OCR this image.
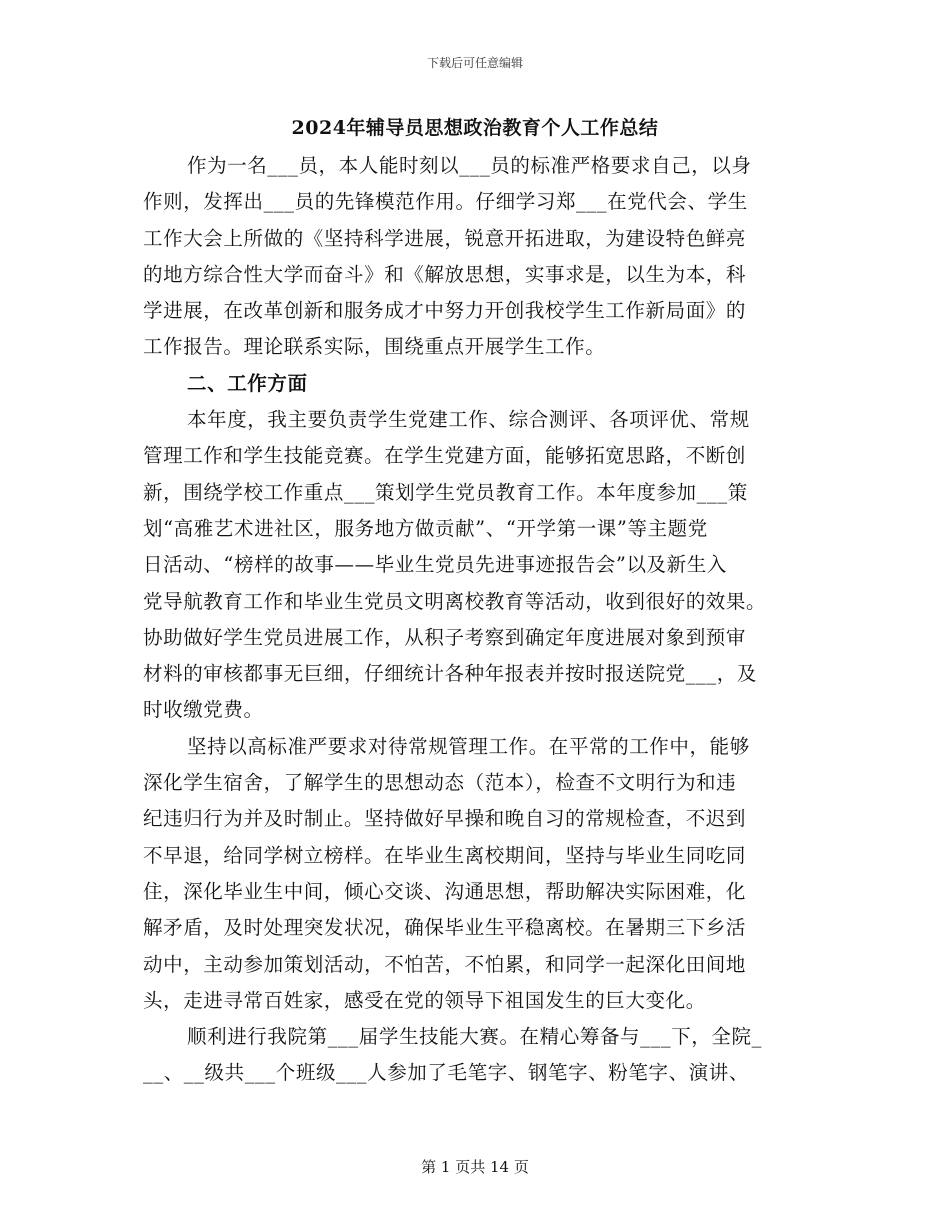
下载后可任意编辑
2024年辅导员思想政治教育个人工作总结
作为一名___员，本人能时刻以___员的标准严格要求自己，以身
作则，发挥出___员的先锋模范作用。仔细学习郑___在党代会、学生
工作大会上所做的《坚持科学进展，锐意开拓进取，为建设特色鲜亮
的地方综合性大学而奋斗》和《解放思想，实事求是，以生为本，科
学进展，在改革创新和服务成才中努力开创我校学生工作新局面》的
工作报告。理论联系实际，围绕重点开展学生工作。
二、工作方面
本年度，我主要负责学生党建工作、综合测评、各项评优、常规
管理工作和学生技能竞赛。在学生党建方面，能够拓宽思路，不断创
新，围绕学校工作重点___策划学生党员教育工作。本年度参加___策
划“高雅艺术进社区，服务地方做贡献”、“开学第一课”等主题党
日活动、“榜样的故事——毕业生党员先进事迹报告会”以及新生入
党导航教育工作和毕业生党员文明离校教育等活动，收到很好的效果。
协助做好学生党员进展工作，从积子考察到确定年度进展对象到预审
材料的审核都事无巨细，仔细统计各种年报表并按时报送院党___，及
时收缴党费。
坚持以高标准严要求对待常规管理工作。在平常的工作中，能够
深化学生宿舍，了解学生的思想动态（范本），检查不文明行为和违
纪违归行为并及时制止。坚持做好早操和晚自习的常规检查，不迟到
不早退，给同学树立榜样。在毕业生离校期间，坚持与毕业生同吃同
住，深化毕业生中间，倾心交谈、沟通思想，帮助解决实际困难，化
解矛盾，及时处理突发状况，确保毕业生平稳离校。在暑期三下乡活
动中，主动参加策划活动，不怕苦，不怕累，和同学一起深化田间地
头，走进寻常百姓家，感受在党的领导下祖国发生的巨大变化。
顺利进行我院第___届学生技能大赛。在精心筹备与___下，全院_
__、__级共___个班级___人参加了毛笔字、钢笔字、粉笔字、演讲、
第 1 页共 14 页
